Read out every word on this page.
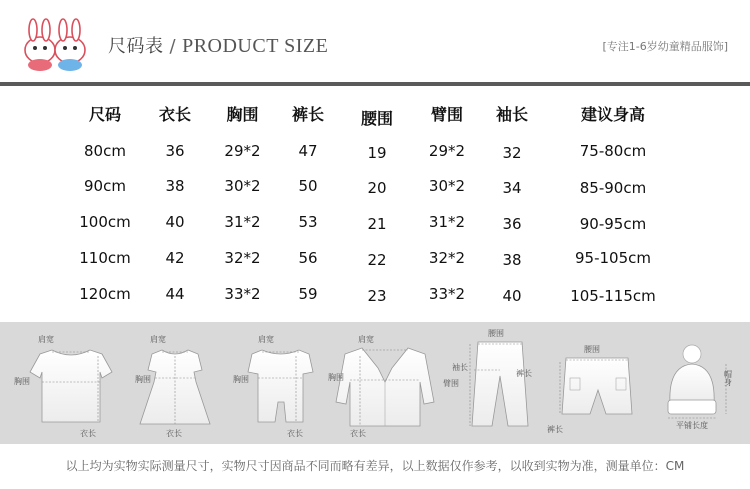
尺码表 / PRODUCT SIZE	[专注1-6岁幼童精品服饰]
尺码	衣长	胸围	裤长	腰围	臂围	袖长	建议身高
80cm	36	29*2	47	19	29*2	32	75-80cm
90cm	38	30*2	50	20	30*2	34	85-90cm
100cm	40	31*2	53	21	31*2	36	90-95cm
110cm	42	32*2	56	22	32*2	38	95-105cm
120cm	44	33*2	59	23	33*2	40	105-115cm
肩宽
胸围
衣长
肩宽
胸围
衣长
肩宽
胸围
衣长
肩宽
胸围
衣长
腰围
袖长
臂围
裤长
腰围
裤长
帽身
平铺长度
以上均为实物实际测量尺寸，实物尺寸因商品不同而略有差异，以上数据仅作参考，以收到实物为准，测量单位：CM
